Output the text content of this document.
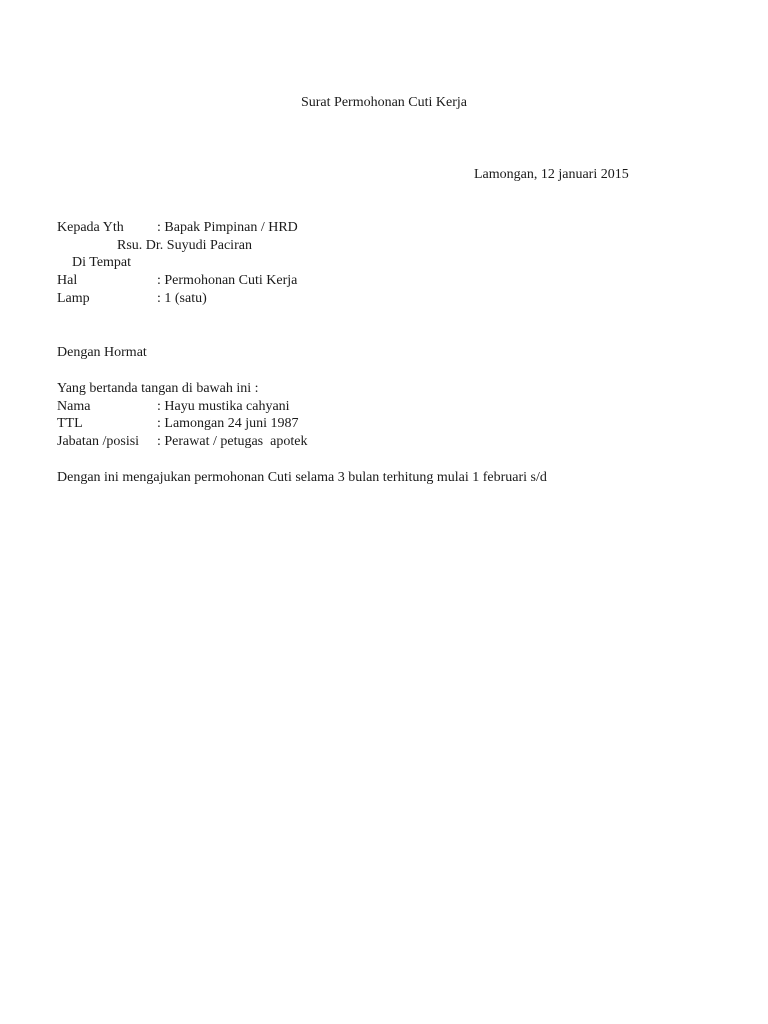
Surat Permohonan Cuti Kerja
Lamongan, 12 januari 2015
Kepada Yth : Bapak Pimpinan / HRD
Rsu. Dr. Suyudi Paciran
Di Tempat
Hal	: Permohonan Cuti Kerja
Lamp	: 1 (satu)
Dengan Hormat
Yang bertanda tangan di bawah ini :
Nama	: Hayu mustika cahyani
TTL	: Lamongan 24 juni 1987
Jabatan /posisi : Perawat / petugas  apotek
Dengan ini mengajukan permohonan Cuti selama 3 bulan terhitung mulai 1 februari s/d
